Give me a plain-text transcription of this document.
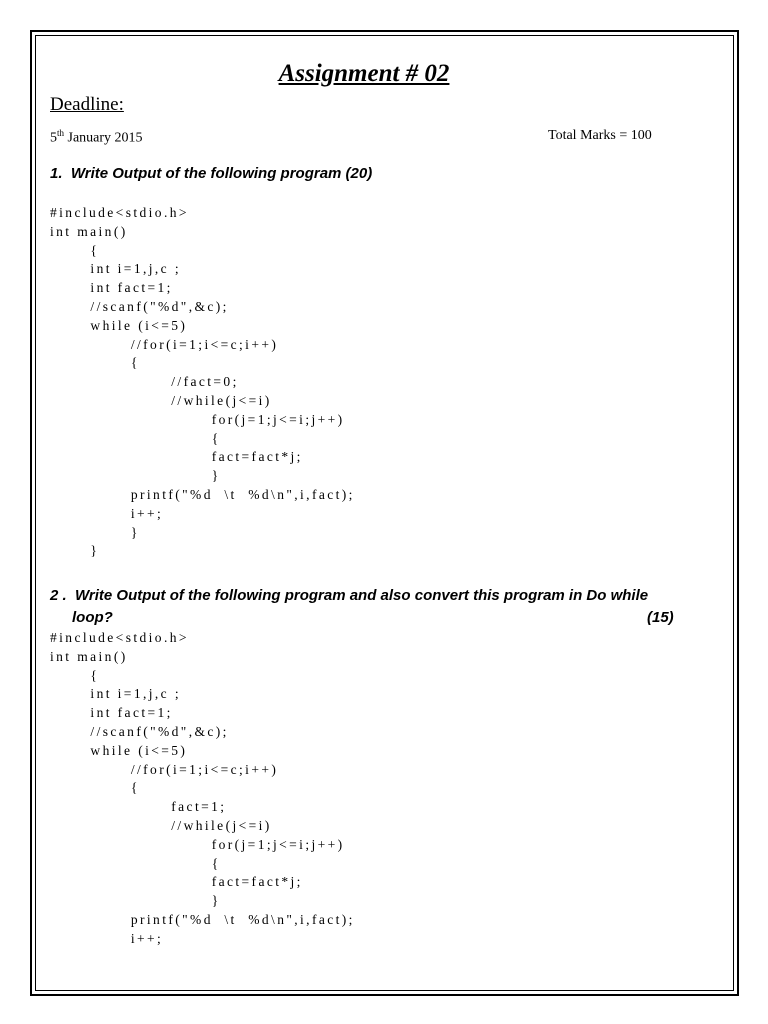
Assignment # 02
Deadline:
5th January 2015	Total Marks = 100
1.  Write Output of the following program (20)
#include<stdio.h>
int main()
{
int i=1,j,c ;
int fact=1;
//scanf("%d",&c);
while (i<=5)
//for(i=1;i<=c;i++)
{
//fact=0;
//while(j<=i)
for(j=1;j<=i;j++)
{
fact=fact*j;
}
printf("%d  \t  %d\n",i,fact);
i++;
}
}
2 .  Write Output of the following program and also convert this program in Do while
loop?	(15)
#include<stdio.h>
int main()
{
int i=1,j,c ;
int fact=1;
//scanf("%d",&c);
while (i<=5)
//for(i=1;i<=c;i++)
{
fact=1;
//while(j<=i)
for(j=1;j<=i;j++)
{
fact=fact*j;
}
printf("%d  \t  %d\n",i,fact);
i++;
